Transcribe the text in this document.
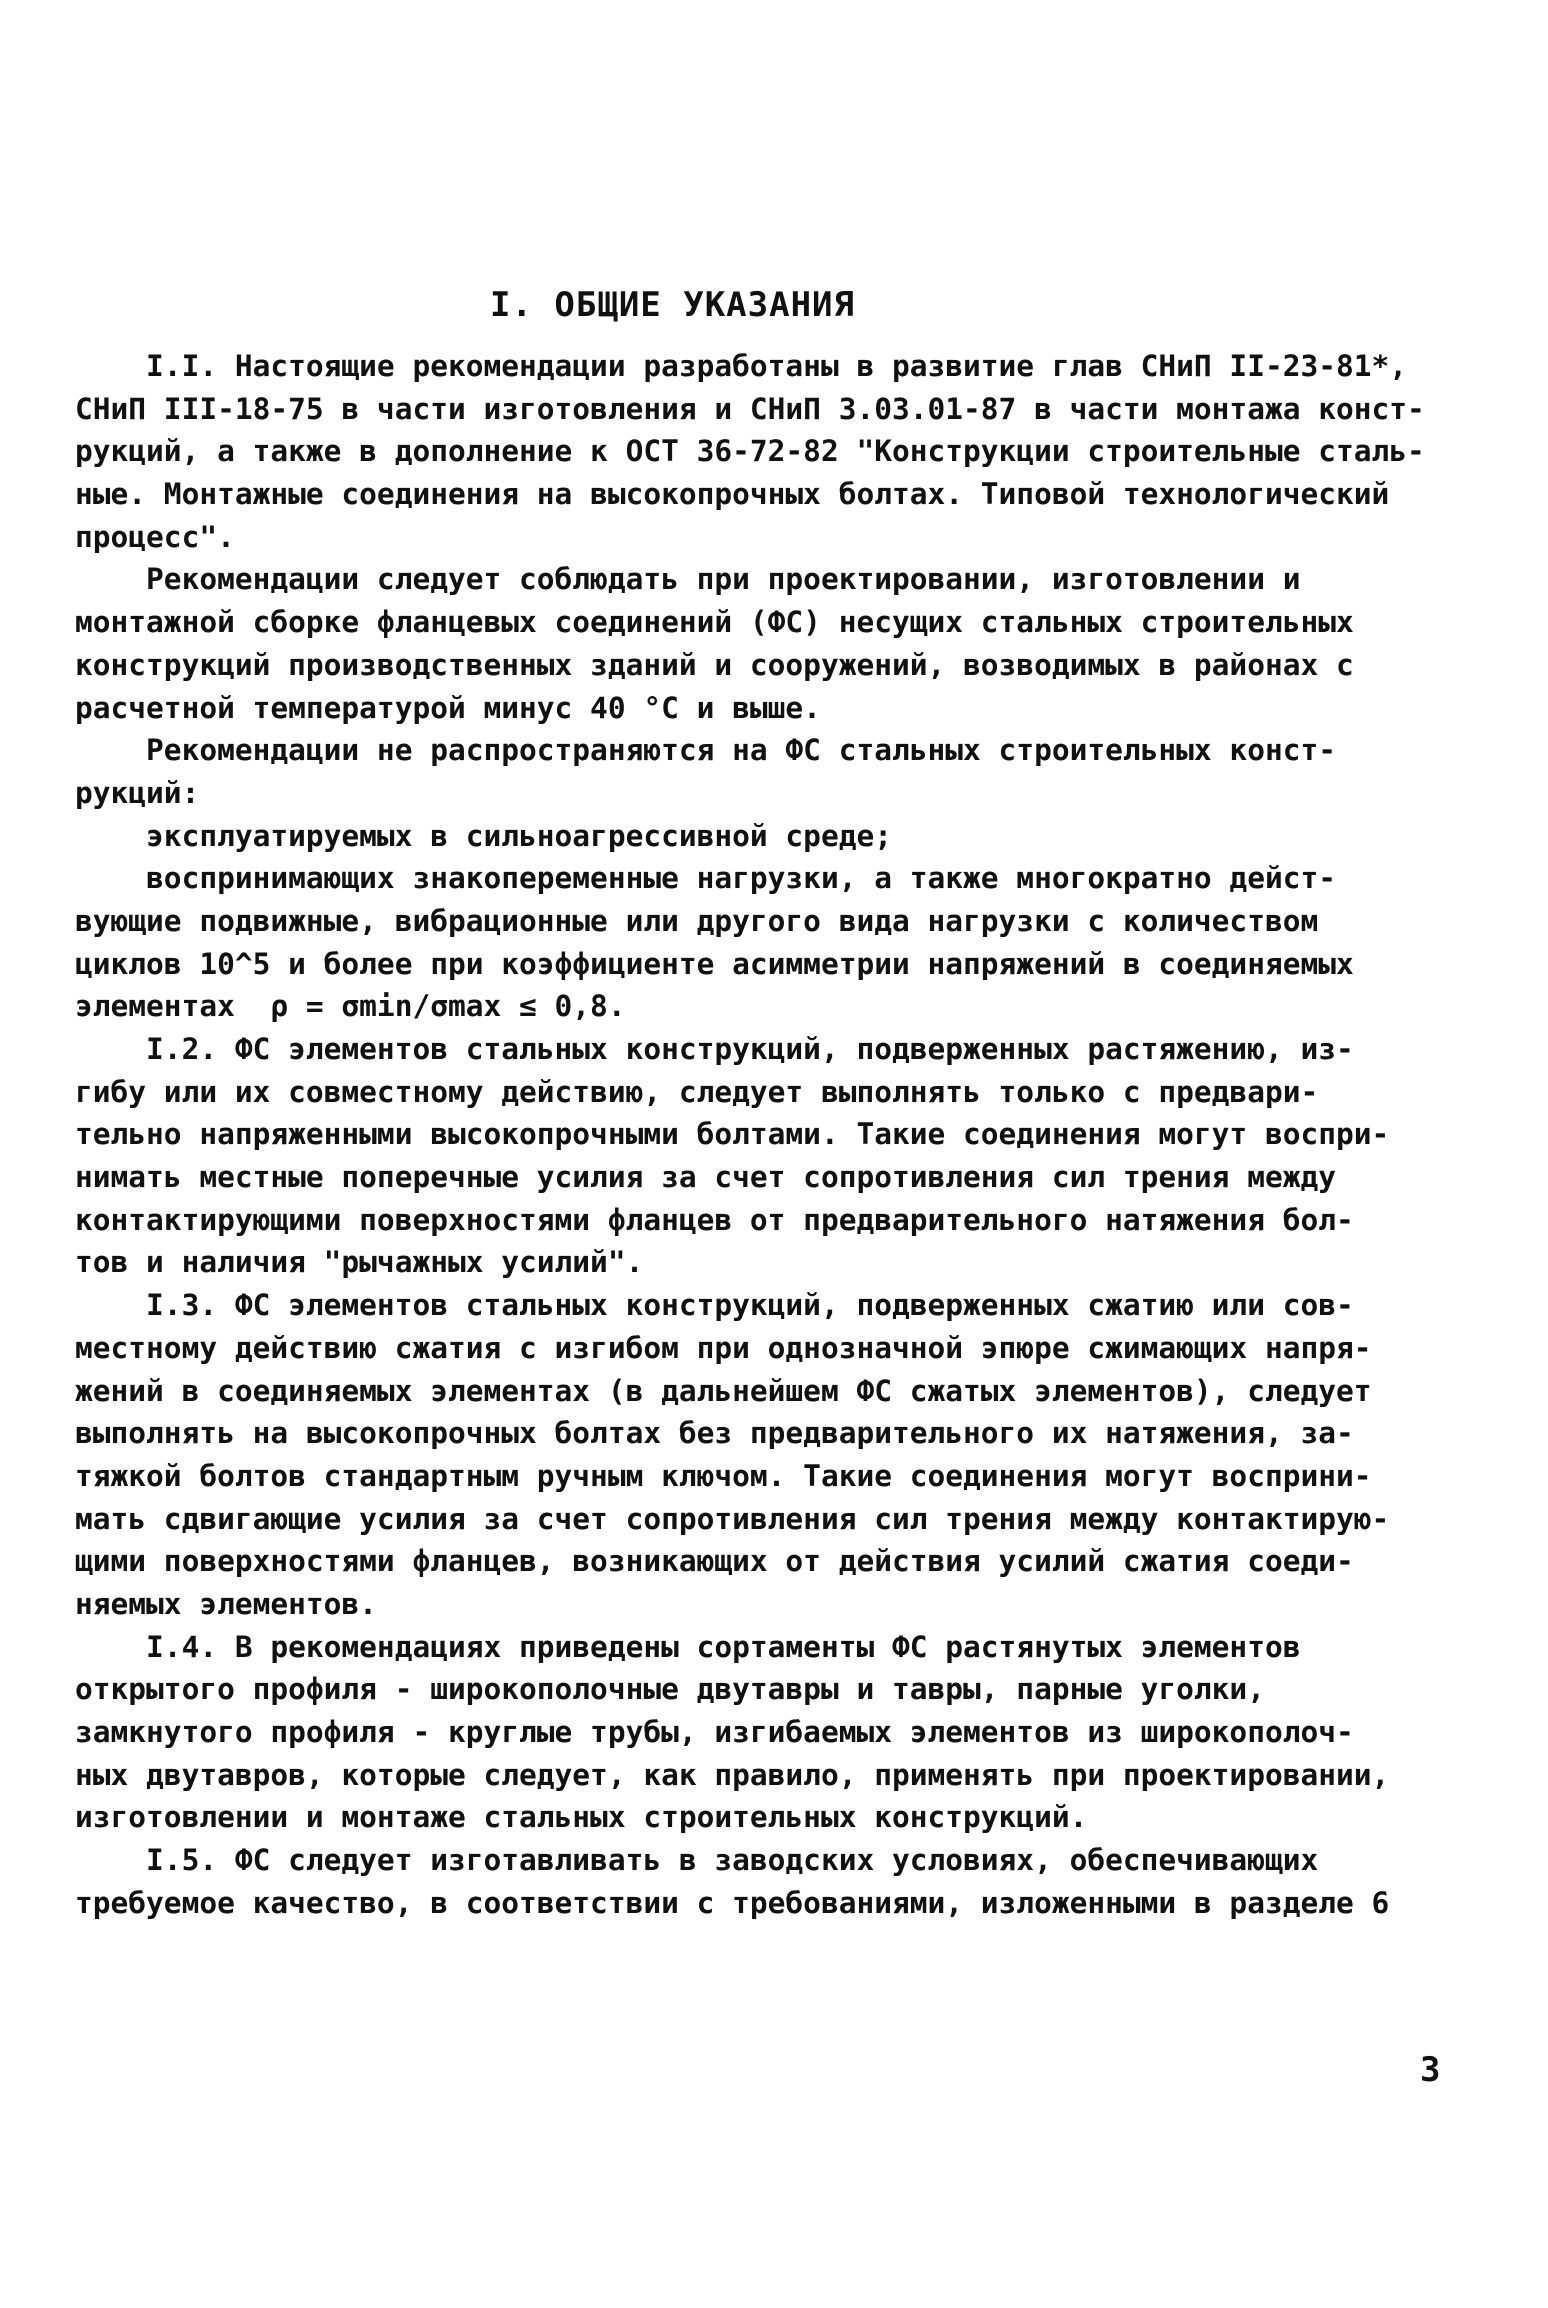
I. ОБЩИЕ УКАЗАНИЯ
I.I. Настоящие рекомендации разработаны в развитие глав СНиП II-23-81*,
СНиП III-18-75 в части изготовления и СНиП 3.03.01-87 в части монтажа конст-
рукций, а также в дополнение к ОСТ 36-72-82 "Конструкции строительные сталь-
ные. Монтажные соединения на высокопрочных болтах. Типовой технологический
процесс".
Рекомендации следует соблюдать при проектировании, изготовлении и
монтажной сборке фланцевых соединений (ФС) несущих стальных строительных
конструкций производственных зданий и сооружений, возводимых в районах с
расчетной температурой минус 40 °С и выше.
Рекомендации не распространяются на ФС стальных строительных конст-
рукций:
эксплуатируемых в сильноагрессивной среде;
воспринимающих знакопеременные нагрузки, а также многократно дейст-
вующие подвижные, вибрационные или другого вида нагрузки с количеством
циклов 10^5 и более при коэффициенте асимметрии напряжений в соединяемых
элементах  ρ = σmin/σmax ≤ 0,8.
I.2. ФС элементов стальных конструкций, подверженных растяжению, из-
гибу или их совместному действию, следует выполнять только с предвари-
тельно напряженными высокопрочными болтами. Такие соединения могут воспри-
нимать местные поперечные усилия за счет сопротивления сил трения между
контактирующими поверхностями фланцев от предварительного натяжения бол-
тов и наличия "рычажных усилий".
I.3. ФС элементов стальных конструкций, подверженных сжатию или сов-
местному действию сжатия с изгибом при однозначной эпюре сжимающих напря-
жений в соединяемых элементах (в дальнейшем ФС сжатых элементов), следует
выполнять на высокопрочных болтах без предварительного их натяжения, за-
тяжкой болтов стандартным ручным ключом. Такие соединения могут восприни-
мать сдвигающие усилия за счет сопротивления сил трения между контактирую-
щими поверхностями фланцев, возникающих от действия усилий сжатия соеди-
няемых элементов.
I.4. В рекомендациях приведены сортаменты ФС растянутых элементов
открытого профиля - широкополочные двутавры и тавры, парные уголки,
замкнутого профиля - круглые трубы, изгибаемых элементов из широкополоч-
ных двутавров, которые следует, как правило, применять при проектировании,
изготовлении и монтаже стальных строительных конструкций.
I.5. ФС следует изготавливать в заводских условиях, обеспечивающих
требуемое качество, в соответствии с требованиями, изложенными в разделе 6
3
